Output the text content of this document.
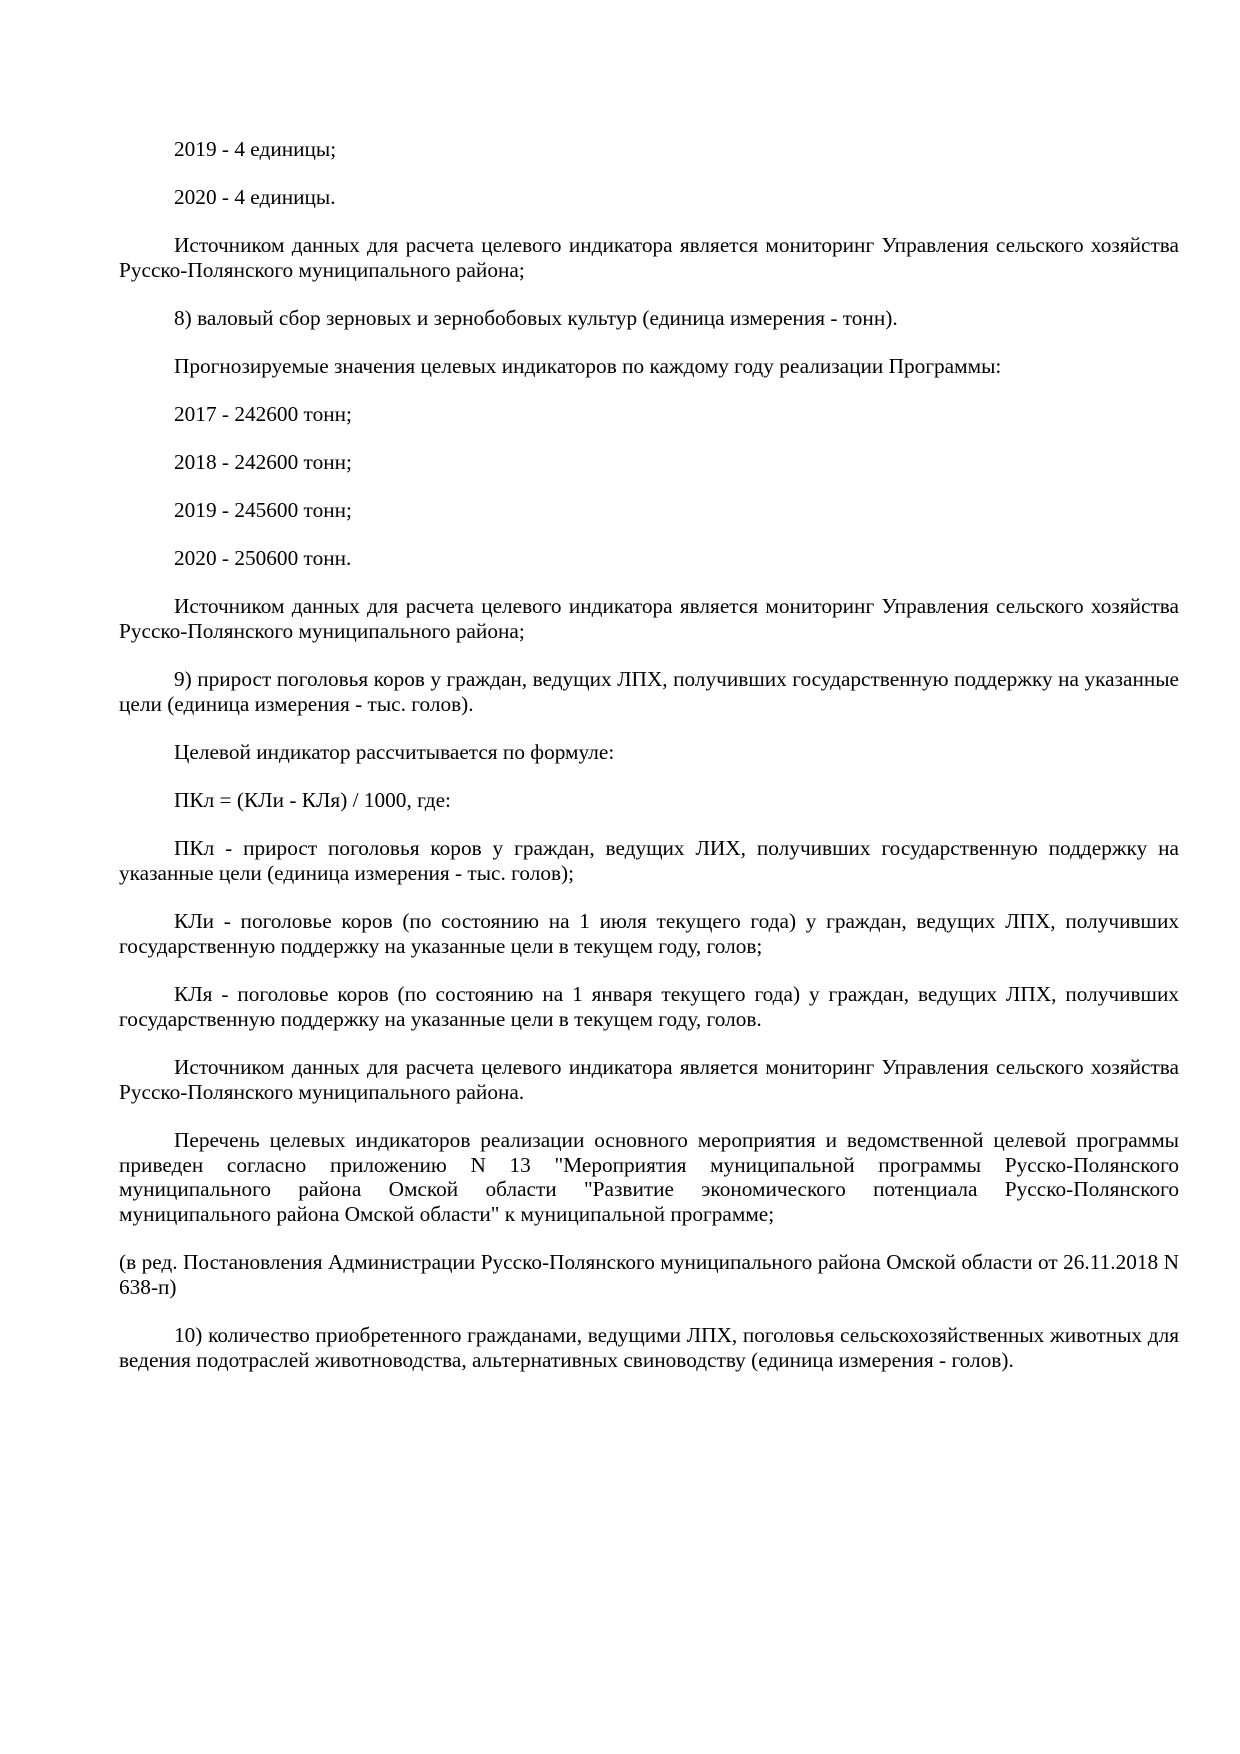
2019 - 4 единицы;

2020 - 4 единицы.

Источником данных для расчета целевого индикатора является мониторинг Управления сельского хозяйства Русско-Полянского муниципального района;

8) валовый сбор зерновых и зернобобовых культур (единица измерения - тонн).

Прогнозируемые значения целевых индикаторов по каждому году реализации Программы:

2017 - 242600 тонн;

2018 - 242600 тонн;

2019 - 245600 тонн;

2020 - 250600 тонн.

Источником данных для расчета целевого индикатора является мониторинг Управления сельского хозяйства Русско-Полянского муниципального района;

9) прирост поголовья коров у граждан, ведущих ЛПХ, получивших государственную поддержку на указанные цели (единица измерения - тыс. голов).

Целевой индикатор рассчитывается по формуле:

ПКл = (КЛи - КЛя) / 1000, где:

ПКл - прирост поголовья коров у граждан, ведущих ЛИХ, получивших государственную поддержку на указанные цели (единица измерения - тыс. голов);

КЛи - поголовье коров (по состоянию на 1 июля текущего года) у граждан, ведущих ЛПХ, получивших государственную поддержку на указанные цели в текущем году, голов;

КЛя - поголовье коров (по состоянию на 1 января текущего года) у граждан, ведущих ЛПХ, получивших государственную поддержку на указанные цели в текущем году, голов.

Источником данных для расчета целевого индикатора является мониторинг Управления сельского хозяйства Русско-Полянского муниципального района.

Перечень целевых индикаторов реализации основного мероприятия и ведомственной целевой программы приведен согласно приложению N 13 "Мероприятия муниципальной программы Русско-Полянского муниципального района Омской области "Развитие экономического потенциала Русско-Полянского муниципального района Омской области" к муниципальной программе;

(в ред. Постановления Администрации Русско-Полянского муниципального района Омской области от 26.11.2018 N 638-п)

10) количество приобретенного гражданами, ведущими ЛПХ, поголовья сельскохозяйственных животных для ведения подотраслей животноводства, альтернативных свиноводству (единица измерения - голов).
